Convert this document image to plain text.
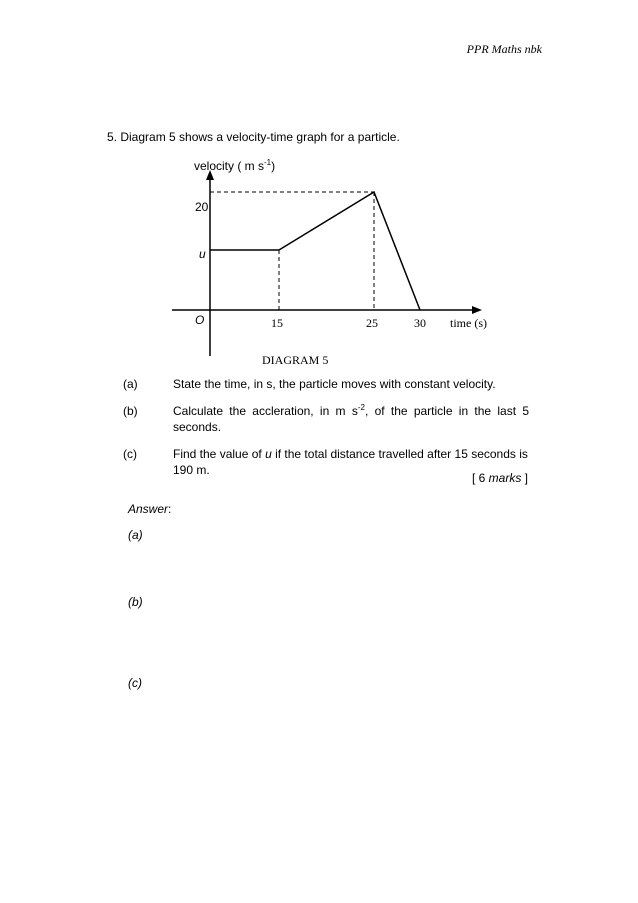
PPR Maths nbk
5. Diagram 5 shows a velocity-time graph for a particle.
velocity ( m $s^{-1}$)
20
u
O	15	25	30 time (s)
DIAGRAM 5
(a)	State the time, in s, the particle moves with constant velocity.
(b)	Calculate the accleration, in m $s^{-2}$, of the particle in the last 5 seconds.
(c)	Find the value of u if the total distance travelled after 15 seconds is 190 m.
[ 6 marks ]
Answer:
(a)
(b)
(c)
